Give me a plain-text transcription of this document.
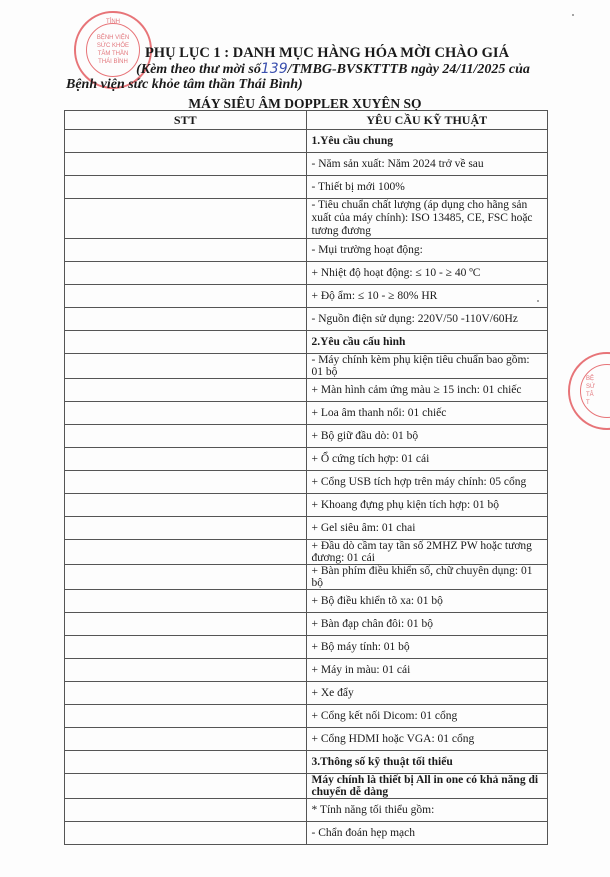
TỈNH
BỆNH VIỆN
SỨC KHỎE
TÂM THẦN
THÁI BÌNH
BỆ
SỨ
TÂ
T
PHỤ LỤC 1 : DANH MỤC HÀNG HÓA MỜI CHÀO GIÁ
(Kèm theo thư mời số139/TMBG-BVSKTTTB ngày 24/11/2025 của
Bệnh viện sức khỏe tâm thần Thái Bình)
MÁY SIÊU ÂM DOPPLER XUYÊN SỌ
STT	YÊU CẦU KỸ THUẬT
	1.Yêu cầu chung
	- Năm sản xuất: Năm 2024 trở về sau
	- Thiết bị mới 100%
	- Tiêu chuẩn chất lượng (áp dụng cho hãng sản xuất của máy chính): ISO 13485, CE, FSC hoặc tương đương
	- Mụi trường hoạt động:
	+ Nhiệt độ hoạt động: ≤ 10 - ≥ 40 ºC
	+ Độ ẩm: ≤ 10 - ≥ 80% HR
	- Nguồn điện sử dụng: 220V/50 -110V/60Hz
	2.Yêu cầu cấu hình
	- Máy chính kèm phụ kiện tiêu chuẩn bao gồm: 01 bộ
	+ Màn hình cảm ứng màu ≥ 15 inch: 01 chiếc
	+ Loa âm thanh nổi: 01 chiếc
	+ Bộ giữ đầu dò: 01 bộ
	+ Ổ cứng tích hợp: 01 cái
	+ Cổng USB tích hợp trên máy chính: 05 cổng
	+ Khoang đựng phụ kiện tích hợp: 01 bộ
	+ Gel siêu âm: 01 chai
	+ Đầu dò cầm tay tần số 2MHZ PW hoặc tương đương: 01 cái
	+ Bàn phím điều khiển số, chữ chuyên dụng: 01 bộ
	+ Bộ điều khiển tõ xa: 01 bộ
	+ Bàn đạp chân đôi: 01 bộ
	+ Bộ máy tính: 01 bộ
	+ Máy in màu: 01 cái
	+ Xe đẩy
	+ Cổng kết nối Dicom: 01 cổng
	+ Cổng HDMI hoặc VGA: 01 cổng
	3.Thông số kỹ thuật tối thiểu
	Máy chính là thiết bị All in one có khả năng di chuyển dễ dàng
	* Tính năng tối thiểu gồm:
	- Chẩn đoán hẹp mạch
